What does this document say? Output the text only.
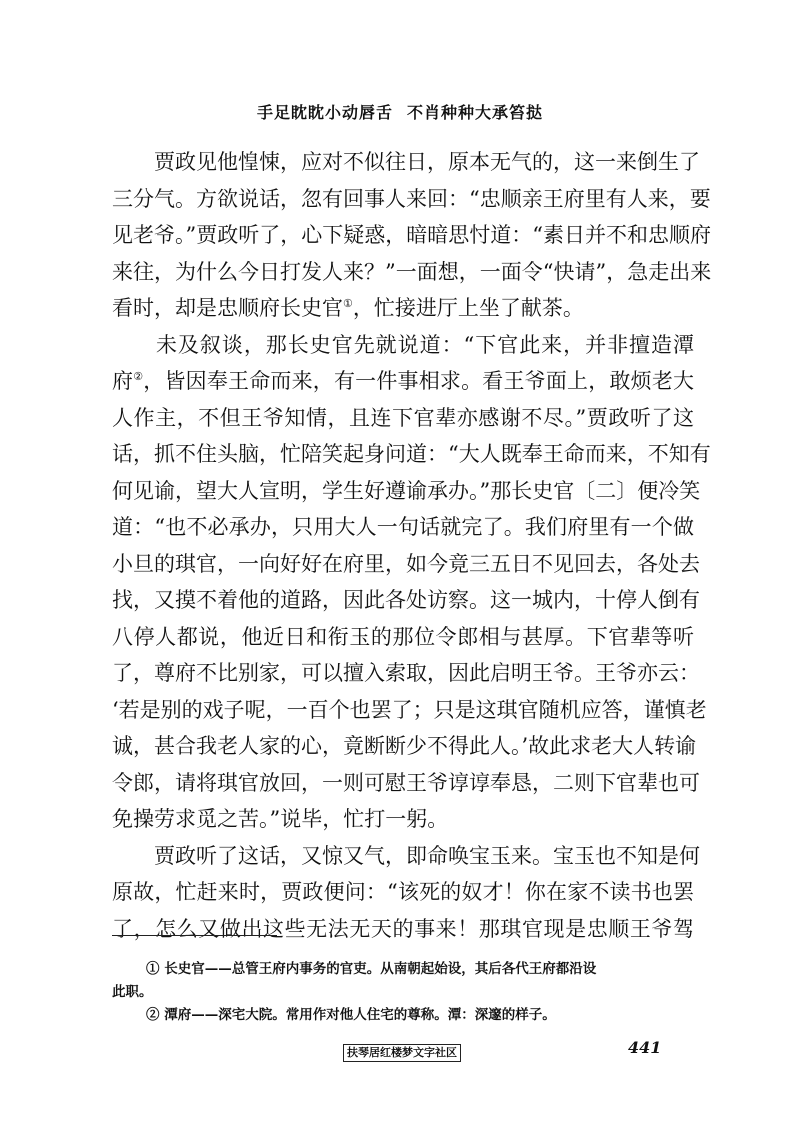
手足眈眈小动唇舌 不肖种种大承笞挞
　　贾政见他惶悚，应对不似往日，原本无气的，这一来倒生了
三分气。方欲说话，忽有回事人来回：“忠顺亲王府里有人来，要
见老爷。”贾政听了，心下疑惑，暗暗思忖道：“素日并不和忠顺府
来往，为什么今日打发人来？”一面想，一面令“快请”，急走出来
看时，却是忠顺府长史官①，忙接进厅上坐了献茶。
　　未及叙谈，那长史官先就说道：“下官此来，并非擅造潭
府②，皆因奉王命而来，有一件事相求。看王爷面上，敢烦老大
人作主，不但王爷知情，且连下官辈亦感谢不尽。”贾政听了这
话，抓不住头脑，忙陪笑起身问道：“大人既奉王命而来，不知有
何见谕，望大人宣明，学生好遵谕承办。”那长史官〔二〕便冷笑
道：“也不必承办，只用大人一句话就完了。我们府里有一个做
小旦的琪官，一向好好在府里，如今竟三五日不见回去，各处去
找，又摸不着他的道路，因此各处访察。这一城内，十停人倒有
八停人都说，他近日和衔玉的那位令郎相与甚厚。下官辈等听
了，尊府不比别家，可以擅入索取，因此启明王爷。王爷亦云：
‘若是别的戏子呢，一百个也罢了；只是这琪官随机应答，谨慎老
诚，甚合我老人家的心，竟断断少不得此人。’故此求老大人转谕
令郎，请将琪官放回，一则可慰王爷谆谆奉恳，二则下官辈也可
免操劳求觅之苦。”说毕，忙打一躬。
　　贾政听了这话，又惊又气，即命唤宝玉来。宝玉也不知是何
原故，忙赶来时，贾政便问：“该死的奴才！你在家不读书也罢
了，怎么又做出这些无法无天的事来！那琪官现是忠顺王爷驾
① 长史官——总管王府内事务的官吏。从南朝起始设，其后各代王府都沿设
此职。
② 潭府——深宅大院。常用作对他人住宅的尊称。潭：深邃的样子。
441
扶琴居红楼梦文字社区
